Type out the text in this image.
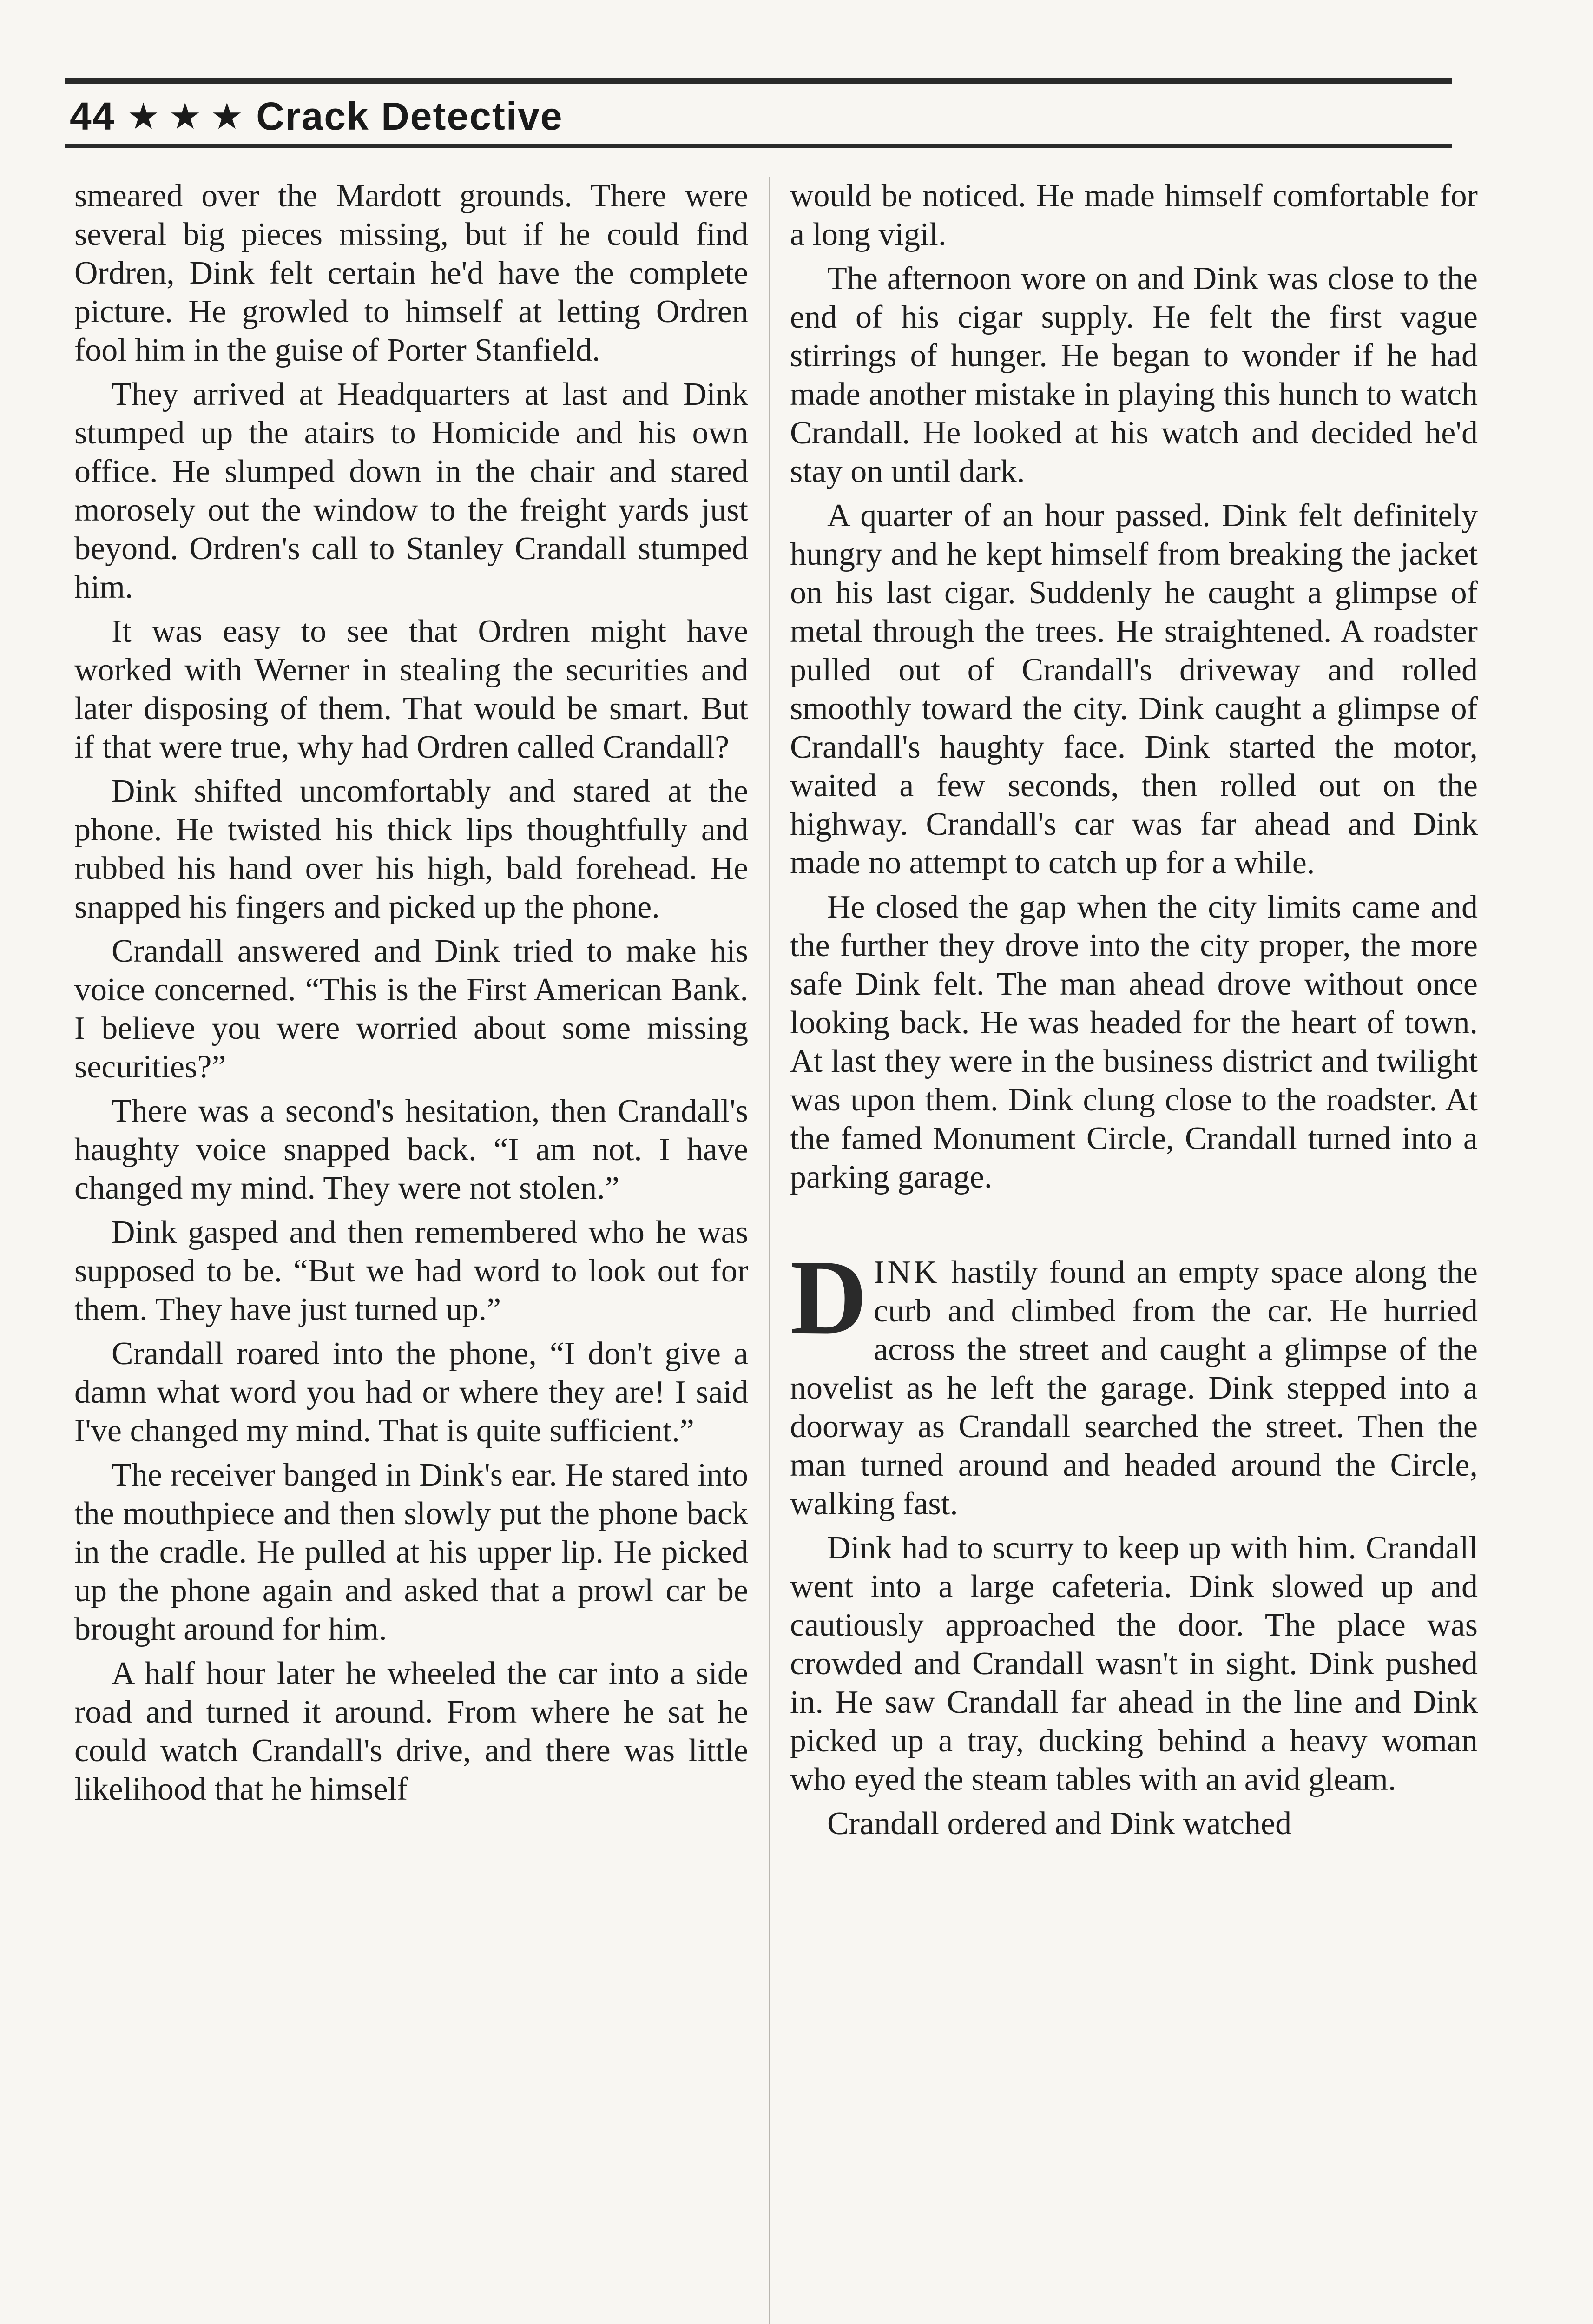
44 ★ ★ ★ Crack Detective

smeared over the Mardott grounds. There were several big pieces missing, but if he could find Ordren, Dink felt certain he'd have the complete picture. He growled to himself at letting Ordren fool him in the guise of Porter Stanfield.

They arrived at Headquarters at last and Dink stumped up the atairs to Homicide and his own office. He slumped down in the chair and stared morosely out the window to the freight yards just beyond. Ordren's call to Stanley Crandall stumped him.

It was easy to see that Ordren might have worked with Werner in stealing the securities and later disposing of them. That would be smart. But if that were true, why had Ordren called Crandall?

Dink shifted uncomfortably and stared at the phone. He twisted his thick lips thoughtfully and rubbed his hand over his high, bald forehead. He snapped his fingers and picked up the phone.

Crandall answered and Dink tried to make his voice concerned. “This is the First American Bank. I believe you were worried about some missing securities?”

There was a second's hesitation, then Crandall's haughty voice snapped back. “I am not. I have changed my mind. They were not stolen.”

Dink gasped and then remembered who he was supposed to be. “But we had word to look out for them. They have just turned up.”

Crandall roared into the phone, “I don't give a damn what word you had or where they are! I said I've changed my mind. That is quite sufficient.”

The receiver banged in Dink's ear. He stared into the mouthpiece and then slowly put the phone back in the cradle. He pulled at his upper lip. He picked up the phone again and asked that a prowl car be brought around for him.

A half hour later he wheeled the car into a side road and turned it around. From where he sat he could watch Crandall's drive, and there was little likelihood that he himself

would be noticed. He made himself comfortable for a long vigil.

The afternoon wore on and Dink was close to the end of his cigar supply. He felt the first vague stirrings of hunger. He began to wonder if he had made another mistake in playing this hunch to watch Crandall. He looked at his watch and decided he'd stay on until dark.

A quarter of an hour passed. Dink felt definitely hungry and he kept himself from breaking the jacket on his last cigar. Suddenly he caught a glimpse of metal through the trees. He straightened. A roadster pulled out of Crandall's driveway and rolled smoothly toward the city. Dink caught a glimpse of Crandall's haughty face. Dink started the motor, waited a few seconds, then rolled out on the highway. Crandall's car was far ahead and Dink made no attempt to catch up for a while.

He closed the gap when the city limits came and the further they drove into the city proper, the more safe Dink felt. The man ahead drove without once looking back. He was headed for the heart of town. At last they were in the business district and twilight was upon them. Dink clung close to the roadster. At the famed Monument Circle, Crandall turned into a parking garage.

DINK hastily found an empty space along the curb and climbed from the car. He hurried across the street and caught a glimpse of the novelist as he left the garage. Dink stepped into a doorway as Crandall searched the street. Then the man turned around and headed around the Circle, walking fast.

Dink had to scurry to keep up with him. Crandall went into a large cafeteria. Dink slowed up and cautiously approached the door. The place was crowded and Crandall wasn't in sight. Dink pushed in. He saw Crandall far ahead in the line and Dink picked up a tray, ducking behind a heavy woman who eyed the steam tables with an avid gleam.

Crandall ordered and Dink watched
